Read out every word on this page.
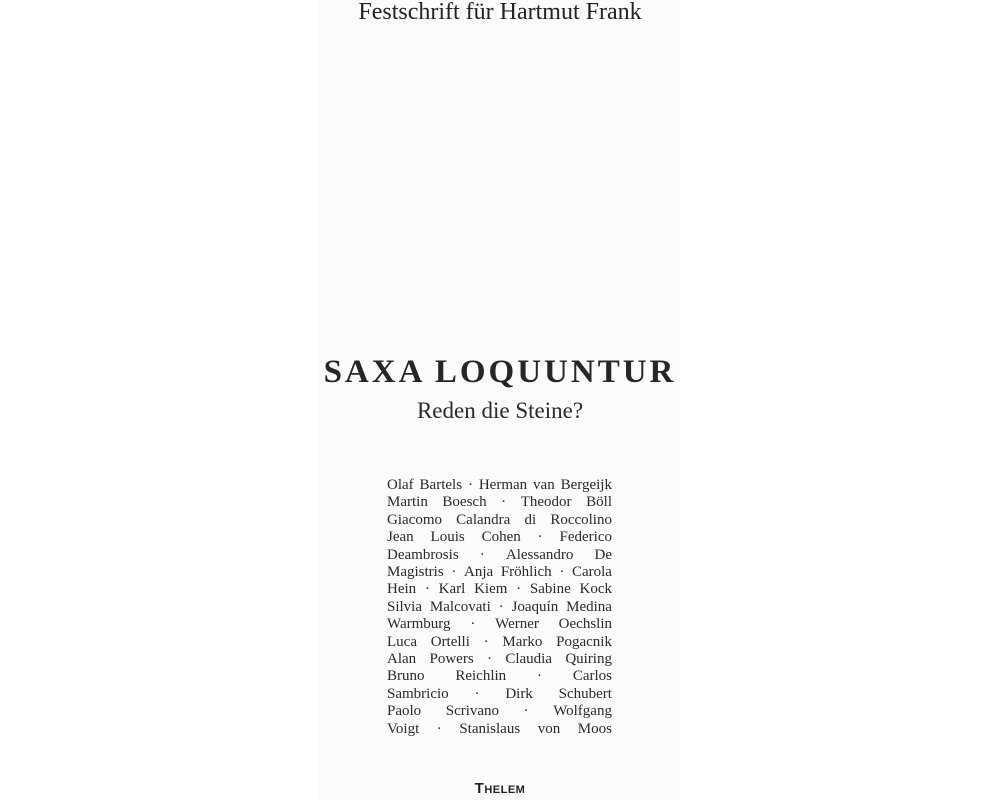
Festschrift für Hartmut Frank
SAXA LOQUUNTUR
Reden die Steine?
Olaf Bartels · Herman van Bergeijk
Martin Boesch · Theodor Böll
Giacomo Calandra di Roccolino
Jean Louis Cohen · Federico
Deambrosis · Alessandro De
Magistris · Anja Fröhlich · Carola
Hein · Karl Kiem · Sabine Kock
Silvia Malcovati · Joaquín Medina
Warmburg · Werner Oechslin
Luca Ortelli · Marko Pogacnik
Alan Powers · Claudia Quiring
Bruno Reichlin · Carlos
Sambricio · Dirk Schubert
Paolo Scrivano · Wolfgang
Voigt · Stanislaus von Moos
Thelem
